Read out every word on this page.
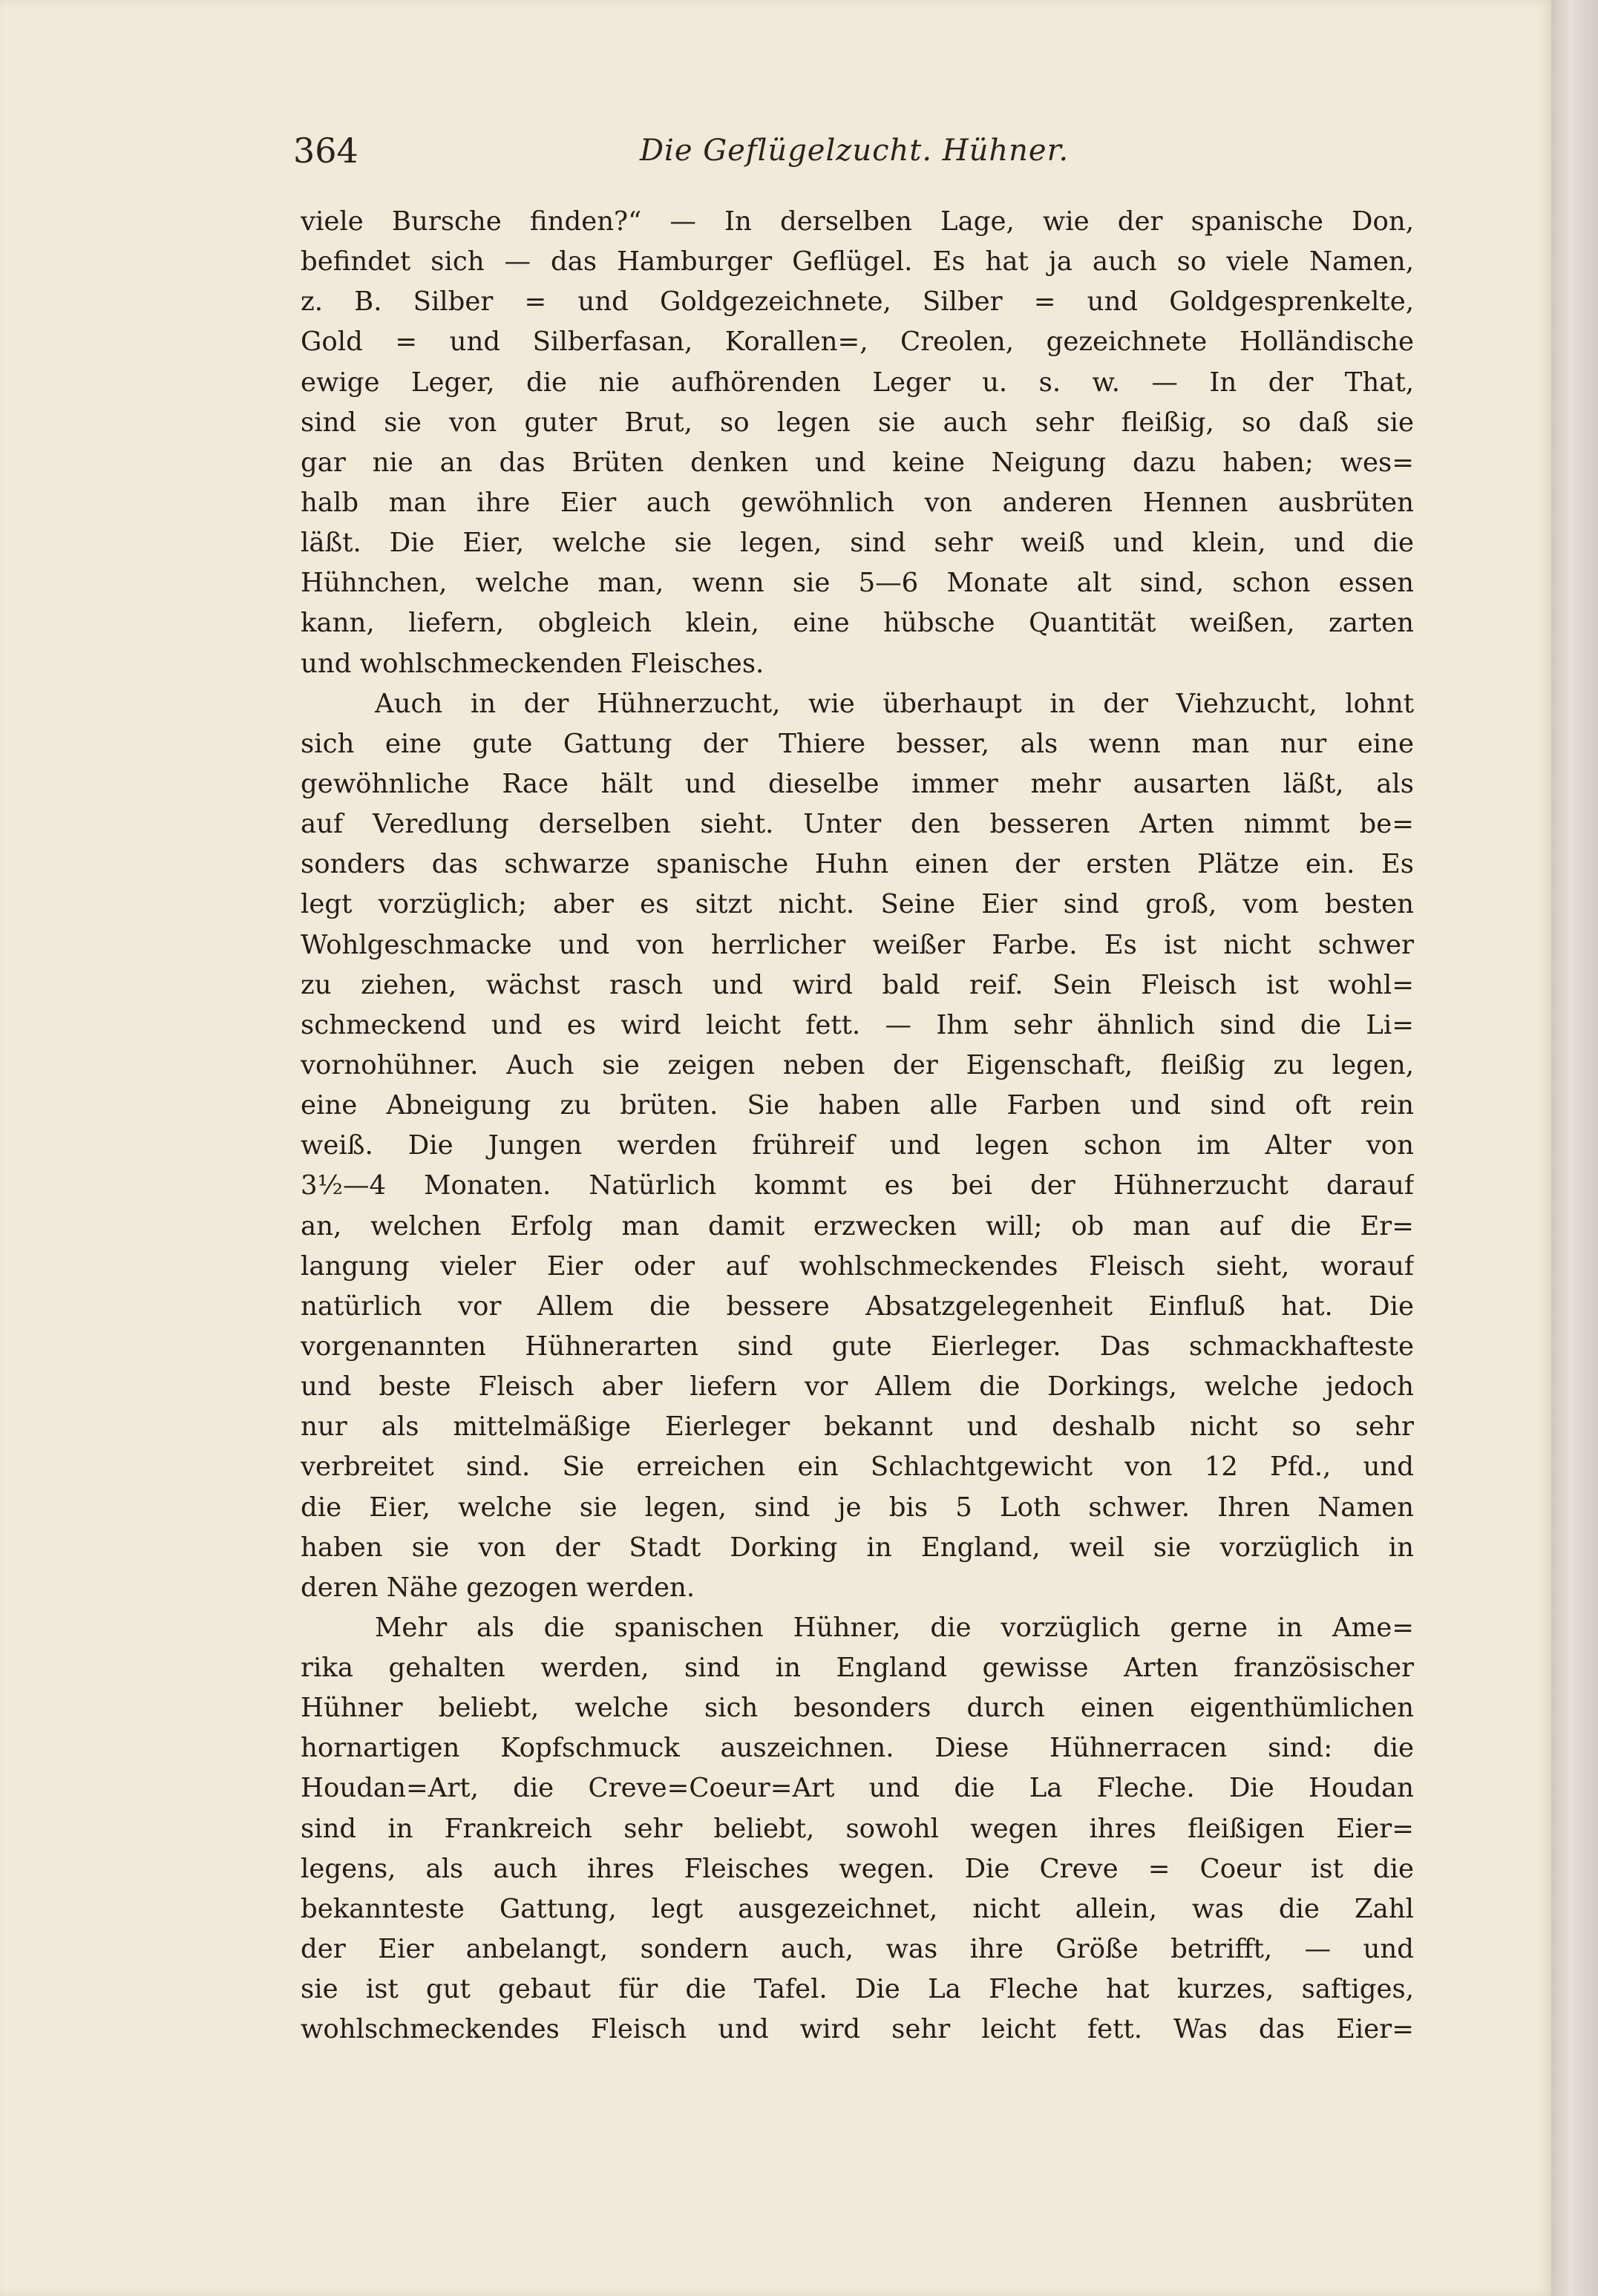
364	Die Geflügelzucht. Hühner.
viele Bursche finden?“ — In derselben Lage, wie der spanische Don,
befindet sich — das Hamburger Geflügel. Es hat ja auch so viele Namen,
z. B. Silber = und Goldgezeichnete, Silber = und Goldgesprenkelte,
Gold = und Silberfasan, Korallen=, Creolen, gezeichnete Holländische
ewige Leger, die nie aufhörenden Leger u. s. w. — In der That,
sind sie von guter Brut, so legen sie auch sehr fleißig, so daß sie
gar nie an das Brüten denken und keine Neigung dazu haben; wes=
halb man ihre Eier auch gewöhnlich von anderen Hennen ausbrüten
läßt. Die Eier, welche sie legen, sind sehr weiß und klein, und die
Hühnchen, welche man, wenn sie 5—6 Monate alt sind, schon essen
kann, liefern, obgleich klein, eine hübsche Quantität weißen, zarten
und wohlschmeckenden Fleisches.
Auch in der Hühnerzucht, wie überhaupt in der Viehzucht, lohnt
sich eine gute Gattung der Thiere besser, als wenn man nur eine
gewöhnliche Race hält und dieselbe immer mehr ausarten läßt, als
auf Veredlung derselben sieht. Unter den besseren Arten nimmt be=
sonders das schwarze spanische Huhn einen der ersten Plätze ein. Es
legt vorzüglich; aber es sitzt nicht. Seine Eier sind groß, vom besten
Wohlgeschmacke und von herrlicher weißer Farbe. Es ist nicht schwer
zu ziehen, wächst rasch und wird bald reif. Sein Fleisch ist wohl=
schmeckend und es wird leicht fett. — Ihm sehr ähnlich sind die Li=
vornohühner. Auch sie zeigen neben der Eigenschaft, fleißig zu legen,
eine Abneigung zu brüten. Sie haben alle Farben und sind oft rein
weiß. Die Jungen werden frühreif und legen schon im Alter von
3½—4 Monaten. Natürlich kommt es bei der Hühnerzucht darauf
an, welchen Erfolg man damit erzwecken will; ob man auf die Er=
langung vieler Eier oder auf wohlschmeckendes Fleisch sieht, worauf
natürlich vor Allem die bessere Absatzgelegenheit Einfluß hat. Die
vorgenannten Hühnerarten sind gute Eierleger. Das schmackhafteste
und beste Fleisch aber liefern vor Allem die Dorkings, welche jedoch
nur als mittelmäßige Eierleger bekannt und deshalb nicht so sehr
verbreitet sind. Sie erreichen ein Schlachtgewicht von 12 Pfd., und
die Eier, welche sie legen, sind je bis 5 Loth schwer. Ihren Namen
haben sie von der Stadt Dorking in England, weil sie vorzüglich in
deren Nähe gezogen werden.
Mehr als die spanischen Hühner, die vorzüglich gerne in Ame=
rika gehalten werden, sind in England gewisse Arten französischer
Hühner beliebt, welche sich besonders durch einen eigenthümlichen
hornartigen Kopfschmuck auszeichnen. Diese Hühnerracen sind: die
Houdan=Art, die Creve=Coeur=Art und die La Fleche. Die Houdan
sind in Frankreich sehr beliebt, sowohl wegen ihres fleißigen Eier=
legens, als auch ihres Fleisches wegen. Die Creve = Coeur ist die
bekannteste Gattung, legt ausgezeichnet, nicht allein, was die Zahl
der Eier anbelangt, sondern auch, was ihre Größe betrifft, — und
sie ist gut gebaut für die Tafel. Die La Fleche hat kurzes, saftiges,
wohlschmeckendes Fleisch und wird sehr leicht fett. Was das Eier=
